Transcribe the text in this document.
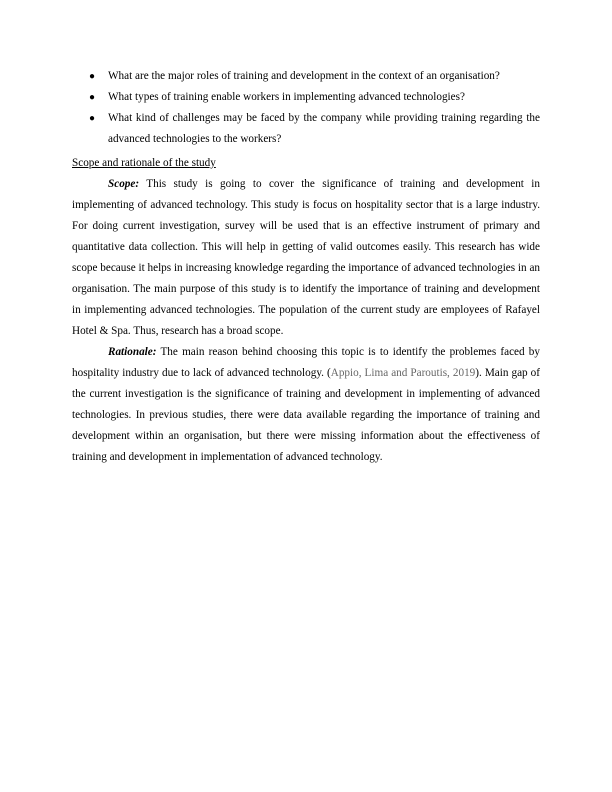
● What are the major roles of training and development in the context of an organisation?
● What types of training enable workers in implementing advanced technologies?
● What kind of challenges may be faced by the company while providing training regarding the advanced technologies to the workers?
Scope and rationale of the study

Scope: This study is going to cover the significance of training and development in implementing of advanced technology. This study is focus on hospitality sector that is a large industry. For doing current investigation, survey will be used that is an effective instrument of primary and quantitative data collection. This will help in getting of valid outcomes easily. This research has wide scope because it helps in increasing knowledge regarding the importance of advanced technologies in an organisation. The main purpose of this study is to identify the importance of training and development in implementing advanced technologies. The population of the current study are employees of Rafayel Hotel & Spa. Thus, research has a broad scope.

Rationale: The main reason behind choosing this topic is to identify the problemes faced by hospitality industry due to lack of advanced technology. (Appio, Lima and Paroutis, 2019). Main gap of the current investigation is the significance of training and development in implementing of advanced technologies. In previous studies, there were data available regarding the importance of training and development within an organisation, but there were missing information about the effectiveness of training and development in implementation of advanced technology.
